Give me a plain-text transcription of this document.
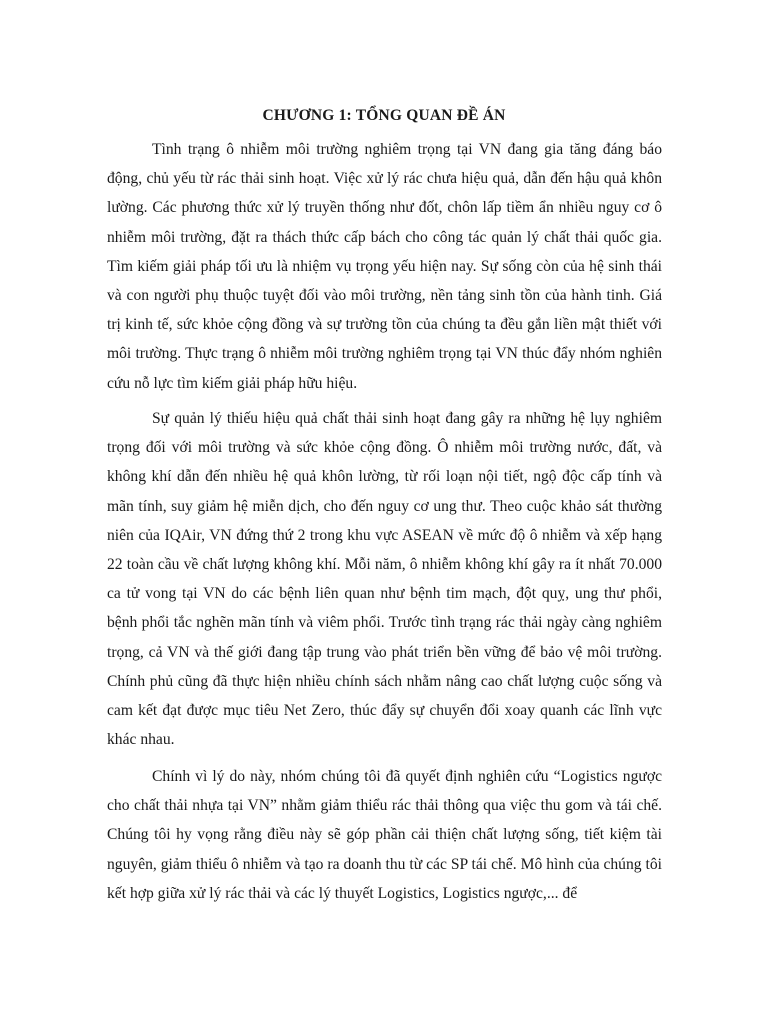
CHƯƠNG 1: TỔNG QUAN ĐỀ ÁN

Tình trạng ô nhiễm môi trường nghiêm trọng tại VN đang gia tăng đáng báo động, chủ yếu từ rác thải sinh hoạt. Việc xử lý rác chưa hiệu quả, dẫn đến hậu quả khôn lường. Các phương thức xử lý truyền thống như đốt, chôn lấp tiềm ẩn nhiều nguy cơ ô nhiễm môi trường, đặt ra thách thức cấp bách cho công tác quản lý chất thải quốc gia. Tìm kiếm giải pháp tối ưu là nhiệm vụ trọng yếu hiện nay. Sự sống còn của hệ sinh thái và con người phụ thuộc tuyệt đối vào môi trường, nền tảng sinh tồn của hành tinh. Giá trị kinh tế, sức khỏe cộng đồng và sự trường tồn của chúng ta đều gắn liền mật thiết với môi trường. Thực trạng ô nhiễm môi trường nghiêm trọng tại VN thúc đẩy nhóm nghiên cứu nỗ lực tìm kiếm giải pháp hữu hiệu.

Sự quản lý thiếu hiệu quả chất thải sinh hoạt đang gây ra những hệ lụy nghiêm trọng đối với môi trường và sức khỏe cộng đồng. Ô nhiễm môi trường nước, đất, và không khí dẫn đến nhiều hệ quả khôn lường, từ rối loạn nội tiết, ngộ độc cấp tính và mãn tính, suy giảm hệ miễn dịch, cho đến nguy cơ ung thư. Theo cuộc khảo sát thường niên của IQAir, VN đứng thứ 2 trong khu vực ASEAN về mức độ ô nhiễm và xếp hạng 22 toàn cầu về chất lượng không khí. Mỗi năm, ô nhiễm không khí gây ra ít nhất 70.000 ca tử vong tại VN do các bệnh liên quan như bệnh tim mạch, đột quỵ, ung thư phổi, bệnh phổi tắc nghẽn mãn tính và viêm phổi. Trước tình trạng rác thải ngày càng nghiêm trọng, cả VN và thế giới đang tập trung vào phát triển bền vững để bảo vệ môi trường. Chính phủ cũng đã thực hiện nhiều chính sách nhằm nâng cao chất lượng cuộc sống và cam kết đạt được mục tiêu Net Zero, thúc đẩy sự chuyển đổi xoay quanh các lĩnh vực khác nhau.

Chính vì lý do này, nhóm chúng tôi đã quyết định nghiên cứu “Logistics ngược cho chất thải nhựa tại VN” nhằm giảm thiểu rác thải thông qua việc thu gom và tái chế. Chúng tôi hy vọng rằng điều này sẽ góp phần cải thiện chất lượng sống, tiết kiệm tài nguyên, giảm thiểu ô nhiễm và tạo ra doanh thu từ các SP tái chế. Mô hình của chúng tôi kết hợp giữa xử lý rác thải và các lý thuyết Logistics, Logistics ngược,... để
